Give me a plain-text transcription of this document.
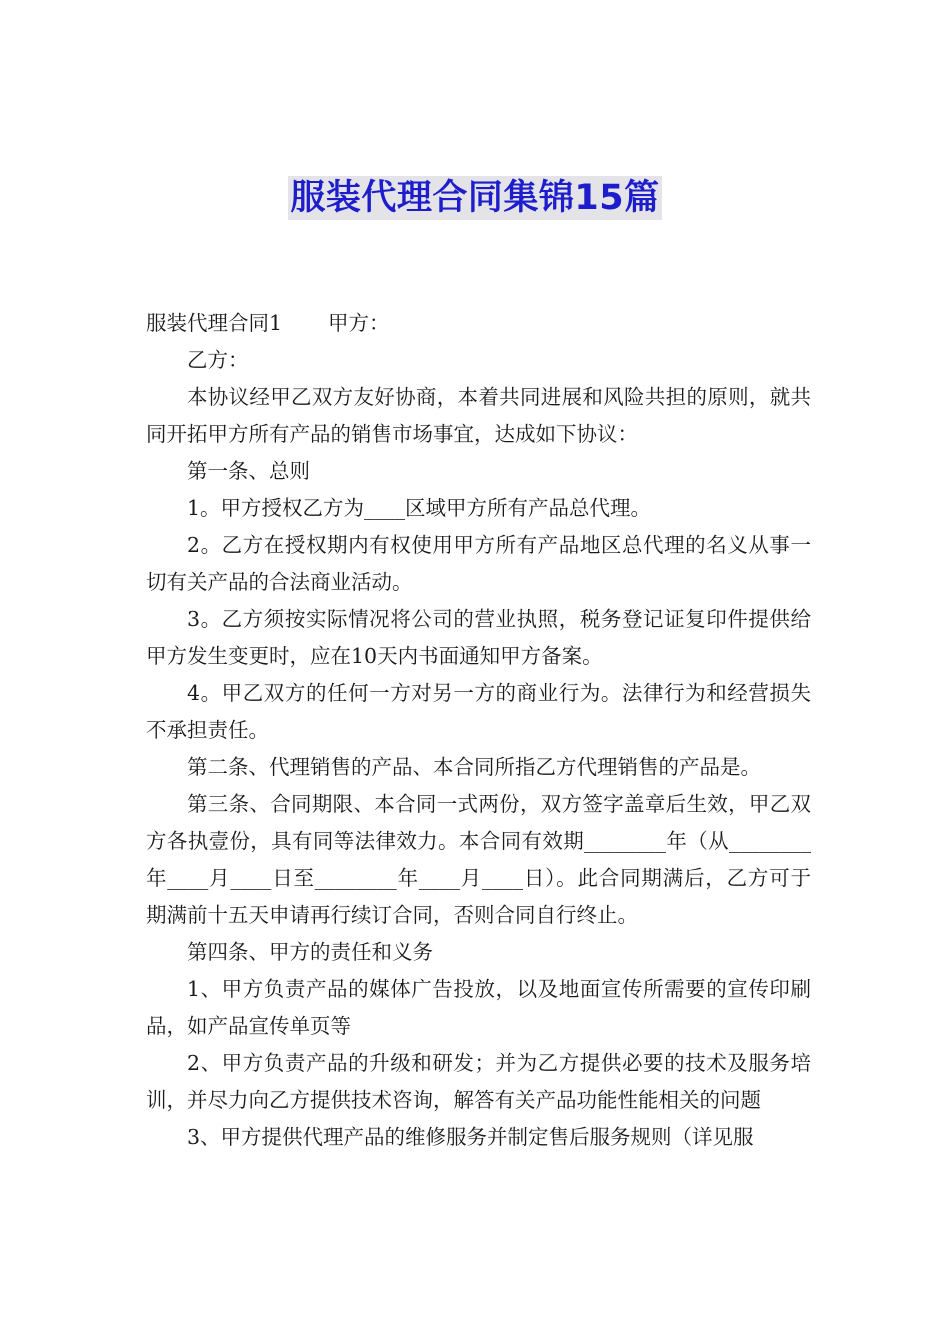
服装代理合同集锦15篇

服装代理合同1 甲方：

乙方：

本协议经甲乙双方友好协商，本着共同进展和风险共担的原则，就共同开拓甲方所有产品的销售市场事宜，达成如下协议：

第一条、总则

1。甲方授权乙方为____区域甲方所有产品总代理。

2。乙方在授权期内有权使用甲方所有产品地区总代理的名义从事一切有关产品的合法商业活动。

3。乙方须按实际情况将公司的营业执照，税务登记证复印件提供给甲方发生变更时，应在10天内书面通知甲方备案。

4。甲乙双方的任何一方对另一方的商业行为。法律行为和经营损失不承担责任。

第二条、代理销售的产品、本合同所指乙方代理销售的产品是。

第三条、合同期限、本合同一式两份，双方签字盖章后生效，甲乙双方各执壹份，具有同等法律效力。本合同有效期________年（从________年____月____日至________年____月____日）。此合同期满后，乙方可于期满前十五天申请再行续订合同，否则合同自行终止。

第四条、甲方的责任和义务

1、甲方负责产品的媒体广告投放，以及地面宣传所需要的宣传印刷品，如产品宣传单页等

2、甲方负责产品的升级和研发；并为乙方提供必要的技术及服务培训，并尽力向乙方提供技术咨询，解答有关产品功能性能相关的问题

3、甲方提供代理产品的维修服务并制定售后服务规则（详见服
